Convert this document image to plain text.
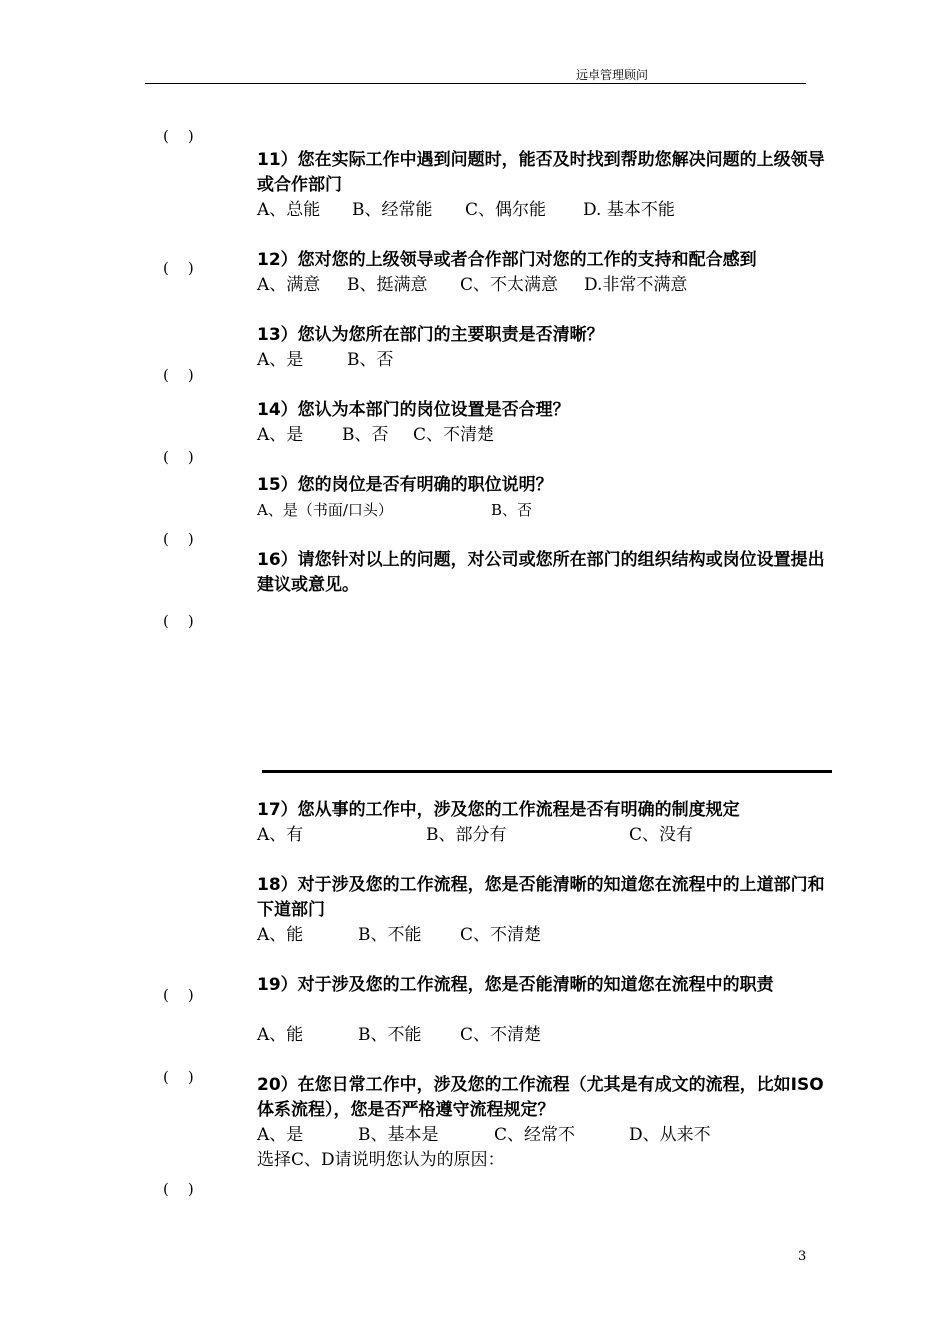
远卓管理顾问
(    )
(    )
(    )
(    )
(    )
(    )
(    )
(    )
(    )
11）您在实际工作中遇到问题时，能否及时找到帮助您解决问题的上级领导或合作部门
A、总能 B、经常能 C、偶尔能 D. 基本不能
12）您对您的上级领导或者合作部门对您的工作的支持和配合感到
A、满意 B、挺满意 C、不太满意 D.非常不满意
13）您认为您所在部门的主要职责是否清晰？
A、是	B、否
14）您认为本部门的岗位设置是否合理？
A、是 B、否 C、不清楚
15）您的岗位是否有明确的职位说明？
A、是（书面/口头）	B、否
16）请您针对以上的问题，对公司或您所在部门的组织结构或岗位设置提出建议或意见。
17）您从事的工作中，涉及您的工作流程是否有明确的制度规定
A、有	B、部分有	C、没有
18）对于涉及您的工作流程，您是否能清晰的知道您在流程中的上道部门和下道部门
A、能	B、不能 C、不清楚
19）对于涉及您的工作流程，您是否能清晰的知道您在流程中的职责
A、能	B、不能 C、不清楚
20）在您日常工作中，涉及您的工作流程（尤其是有成文的流程，比如ISO体系流程），您是否严格遵守流程规定？
A、是	B、基本是	C、经常不	D、从来不
选择C、D请说明您认为的原因：
3
